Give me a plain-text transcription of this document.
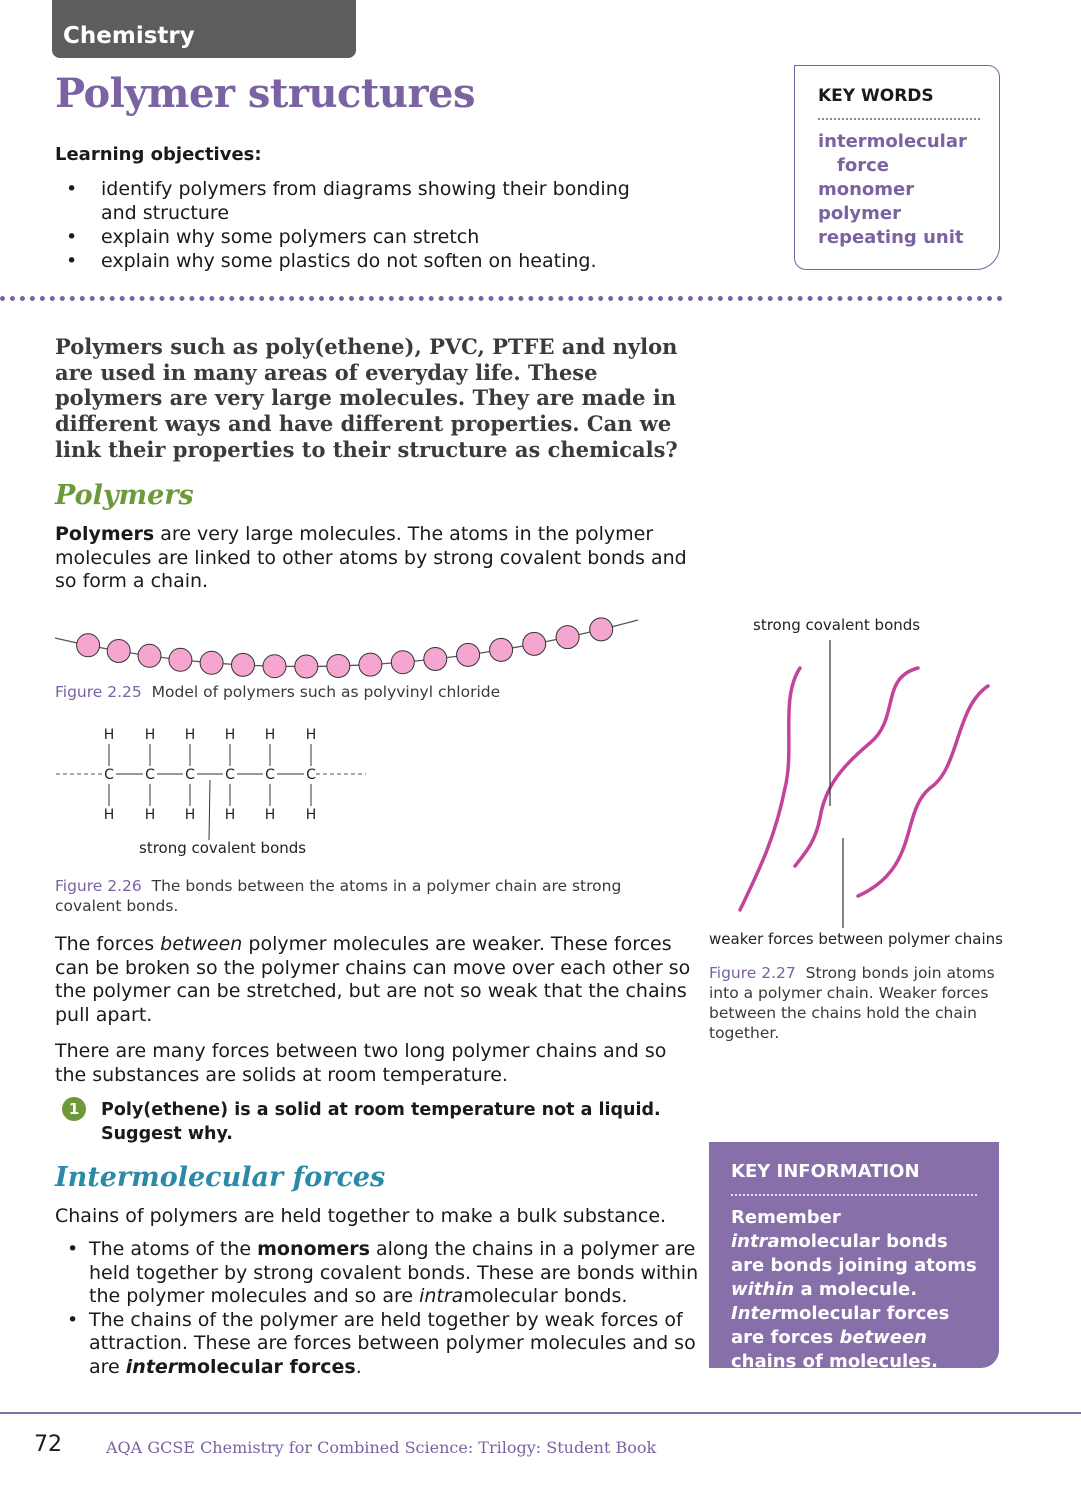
Chemistry
Polymer structures
Learning objectives:
• identify polymers from diagrams showing their bonding and structure
• explain why some polymers can stretch
• explain why some plastics do not soften on heating.
KEY WORDS
intermolecular
force
monomer
polymer
repeating unit
Polymers such as poly(ethene), PVC, PTFE and nylon are used in many areas of everyday life. These polymers are very large molecules. They are made in different ways and have different properties. Can we link their properties to their structure as chemicals?
Polymers
Polymers are very large molecules. The atoms in the polymer molecules are linked to other atoms by strong covalent bonds and so form a chain.
Figure 2.25 Model of polymers such as polyvinyl chloride
H
C
H
H
C
H
H
C
H
H
C
H
H
C
H
H
C
H
strong covalent bonds
Figure 2.26 The bonds between the atoms in a polymer chain are strong covalent bonds.
The forces between polymer molecules are weaker. These forces can be broken so the polymer chains can move over each other so the polymer can be stretched, but are not so weak that the chains pull apart.
There are many forces between two long polymer chains and so the substances are solids at room temperature.
1	Poly(ethene) is a solid at room temperature not a liquid. Suggest why.
Intermolecular forces
Chains of polymers are held together to make a bulk substance.
• The atoms of the monomers along the chains in a polymer are held together by strong covalent bonds. These are bonds within the polymer molecules and so are intramolecular bonds.
• The chains of the polymer are held together by weak forces of attraction. These are forces between polymer molecules and so are intermolecular forces.
strong covalent bonds
weaker forces between polymer chains
Figure 2.27 Strong bonds join atoms into a polymer chain. Weaker forces between the chains hold the chain together.
KEY INFORMATION
Remember intramolecular bonds are bonds joining atoms within a molecule. Intermolecular forces are forces between chains of molecules.
72	AQA GCSE Chemistry for Combined Science: Trilogy: Student Book
